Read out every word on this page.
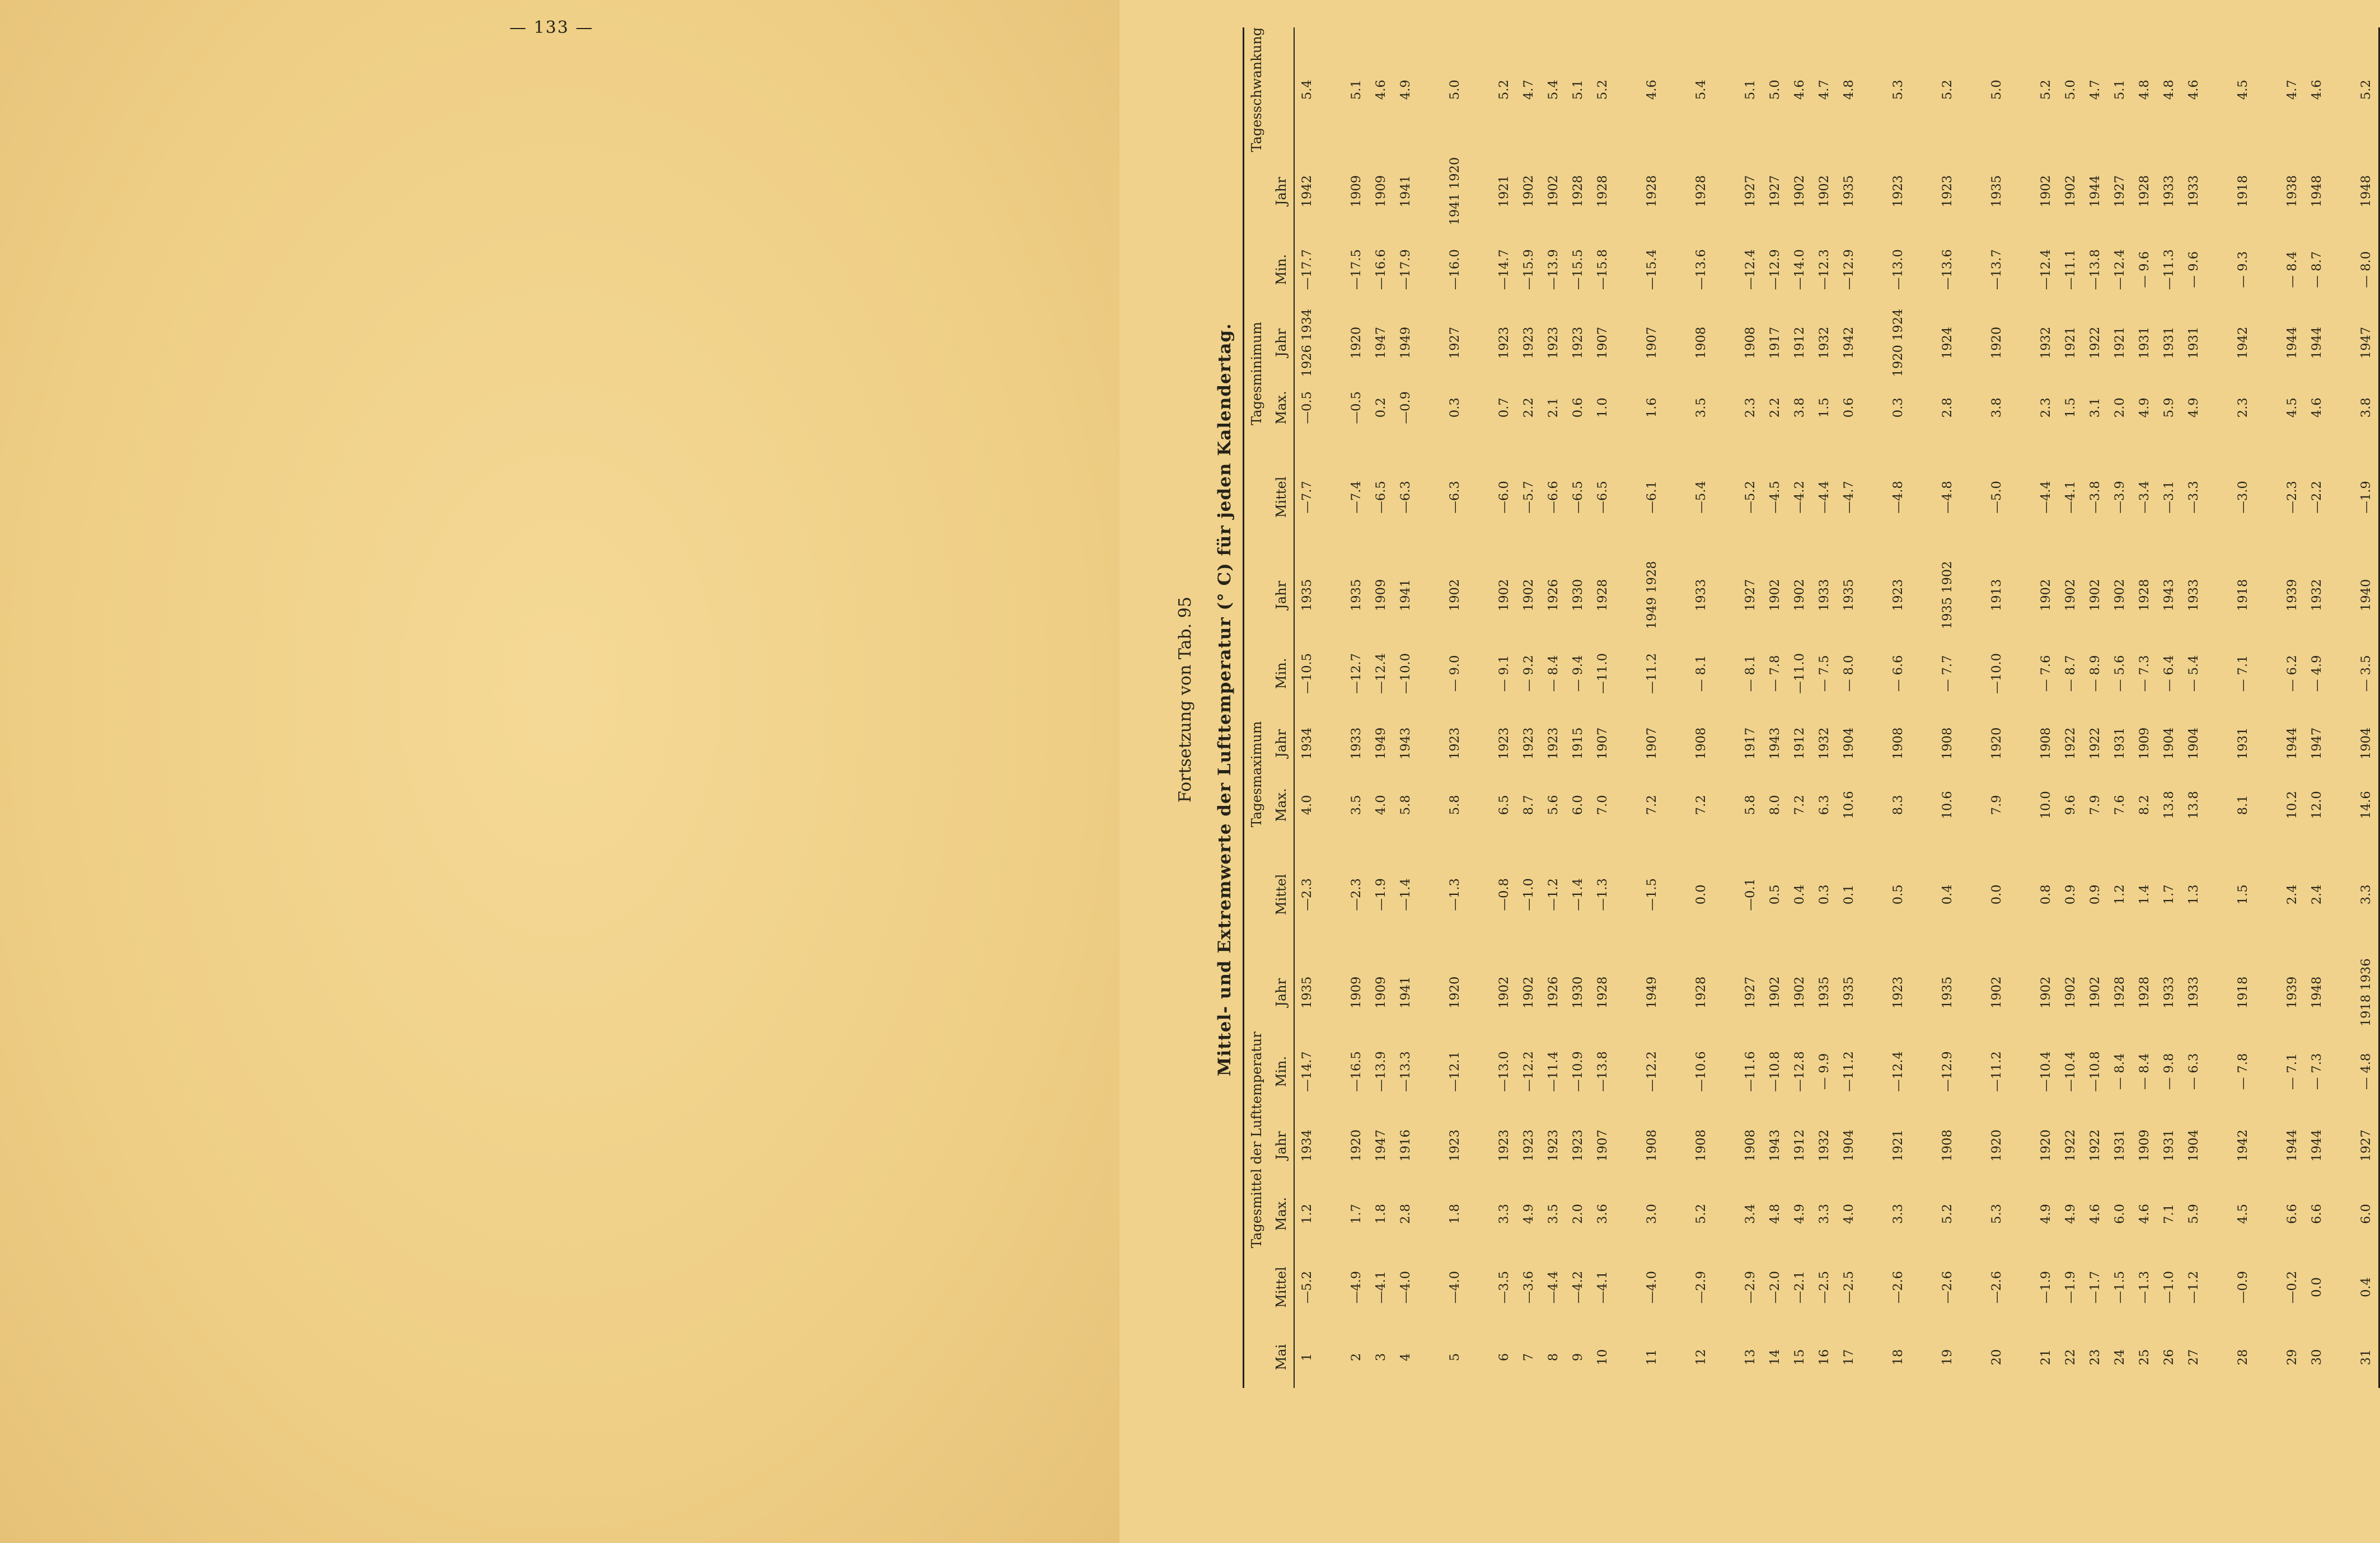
— 133 —
Fortsetzung von Tab. 95 Mittel- und Extremwerte der Lufttemperatur (° C) für jeden Kalendertag.
		Tagesmittel der Lufttemperatur					Tagesmaximum					Tagesminimum				Tagesschwankung
Mai	Mittel	Max.	Jahr	Min.	Jahr	Mittel	Max.	Jahr	Min.	Jahr	Mittel	Max.	Jahr	Min.	Jahr	
1	—5.2	1.2	1934	—14.7	1935	—2.3	4.0	1934	—10.5	1935	—7.7	—0.5	1926 1934	—17.7	1942	5.4

2	—4.9	1.7	1920	—16.5	1909	—2.3	3.5	1933	—12.7	1935	—7.4	—0.5	1920	—17.5	1909	5.1
3	—4.1	1.8	1947	—13.9	1909	—1.9	4.0	1949	—12.4	1909	—6.5	0.2	1947	—16.6	1909	4.6
4	—4.0	2.8	1916	—13.3	1941	—1.4	5.8	1943	—10.0	1941	—6.3	—0.9	1949	—17.9	1941	4.9

5	—4.0	1.8	1923	—12.1	1920	—1.3	5.8	1923	— 9.0	1902	—6.3	0.3	1927	—16.0	1941 1920	5.0

6	—3.5	3.3	1923	—13.0	1902	—0.8	6.5	1923	— 9.1	1902	—6.0	0.7	1923	—14.7	1921	5.2
7	—3.6	4.9	1923	—12.2	1902	—1.0	8.7	1923	— 9.2	1902	—5.7	2.2	1923	—15.9	1902	4.7
8	—4.4	3.5	1923	—11.4	1926	—1.2	5.6	1923	— 8.4	1926	—6.6	2.1	1923	—13.9	1902	5.4
9	—4.2	2.0	1923	—10.9	1930	—1.4	6.0	1915	— 9.4	1930	—6.5	0.6	1923	—15.5	1928	5.1
10	—4.1	3.6	1907	—13.8	1928	—1.3	7.0	1907	—11.0	1928	—6.5	1.0	1907	—15.8	1928	5.2

11	—4.0	3.0	1908	—12.2	1949	—1.5	7.2	1907	—11.2	1949 1928	—6.1	1.6	1907	—15.4	1928	4.6

12	—2.9	5.2	1908	—10.6	1928	0.0	7.2	1908	— 8.1	1933	—5.4	3.5	1908	—13.6	1928	5.4

13	—2.9	3.4	1908	—11.6	1927	—0.1	5.8	1917	— 8.1	1927	—5.2	2.3	1908	—12.4	1927	5.1
14	—2.0	4.8	1943	—10.8	1902	0.5	8.0	1943	— 7.8	1902	—4.5	2.2	1917	—12.9	1927	5.0
15	—2.1	4.9	1912	—12.8	1902	0.4	7.2	1912	—11.0	1902	—4.2	3.8	1912	—14.0	1902	4.6
16	—2.5	3.3	1932	— 9.9	1935	0.3	6.3	1932	— 7.5	1933	—4.4	1.5	1932	—12.3	1902	4.7
17	—2.5	4.0	1904	—11.2	1935	0.1	10.6	1904	— 8.0	1935	—4.7	0.6	1942	—12.9	1935	4.8

18	—2.6	3.3	1921	—12.4	1923	0.5	8.3	1908	— 6.6	1923	—4.8	0.3	1920 1924	—13.0	1923	5.3

19	—2.6	5.2	1908	—12.9	1935	0.4	10.6	1908	— 7.7	1935 1902	—4.8	2.8	1924	—13.6	1923	5.2

20	—2.6	5.3	1920	—11.2	1902	0.0	7.9	1920	—10.0	1913	—5.0	3.8	1920	—13.7	1935	5.0

21	—1.9	4.9	1920	—10.4	1902	0.8	10.0	1908	— 7.6	1902	—4.4	2.3	1932	—12.4	1902	5.2
22	—1.9	4.9	1922	—10.4	1902	0.9	9.6	1922	— 8.7	1902	—4.1	1.5	1921	—11.1	1902	5.0
23	—1.7	4.6	1922	—10.8	1902	0.9	7.9	1922	— 8.9	1902	—3.8	3.1	1922	—13.8	1944	4.7
24	—1.5	6.0	1931	— 8.4	1928	1.2	7.6	1931	— 5.6	1902	—3.9	2.0	1921	—12.4	1927	5.1
25	—1.3	4.6	1909	— 8.4	1928	1.4	8.2	1909	— 7.3	1928	—3.4	4.9	1931	— 9.6	1928	4.8
26	—1.0	7.1	1931	— 9.8	1933	1.7	13.8	1904	— 6.4	1943	—3.1	5.9	1931	—11.3	1933	4.8
27	—1.2	5.9	1904	— 6.3	1933	1.3	13.8	1904	— 5.4	1933	—3.3	4.9	1931	— 9.6	1933	4.6

28	—0.9	4.5	1942	— 7.8	1918	1.5	8.1	1931	— 7.1	1918	—3.0	2.3	1942	— 9.3	1918	4.5

29	—0.2	6.6	1944	— 7.1	1939	2.4	10.2	1944	— 6.2	1939	—2.3	4.5	1944	— 8.4	1938	4.7
30	0.0	6.6	1944	— 7.3	1948	2.4	12.0	1947	— 4.9	1932	—2.2	4.6	1944	— 8.7	1948	4.6

31	0.4	6.0	1927	— 4.8	1918 1936	3.3	14.6	1904	— 3.5	1940	—1.9	3.8	1947	— 8.0	1948	5.2
